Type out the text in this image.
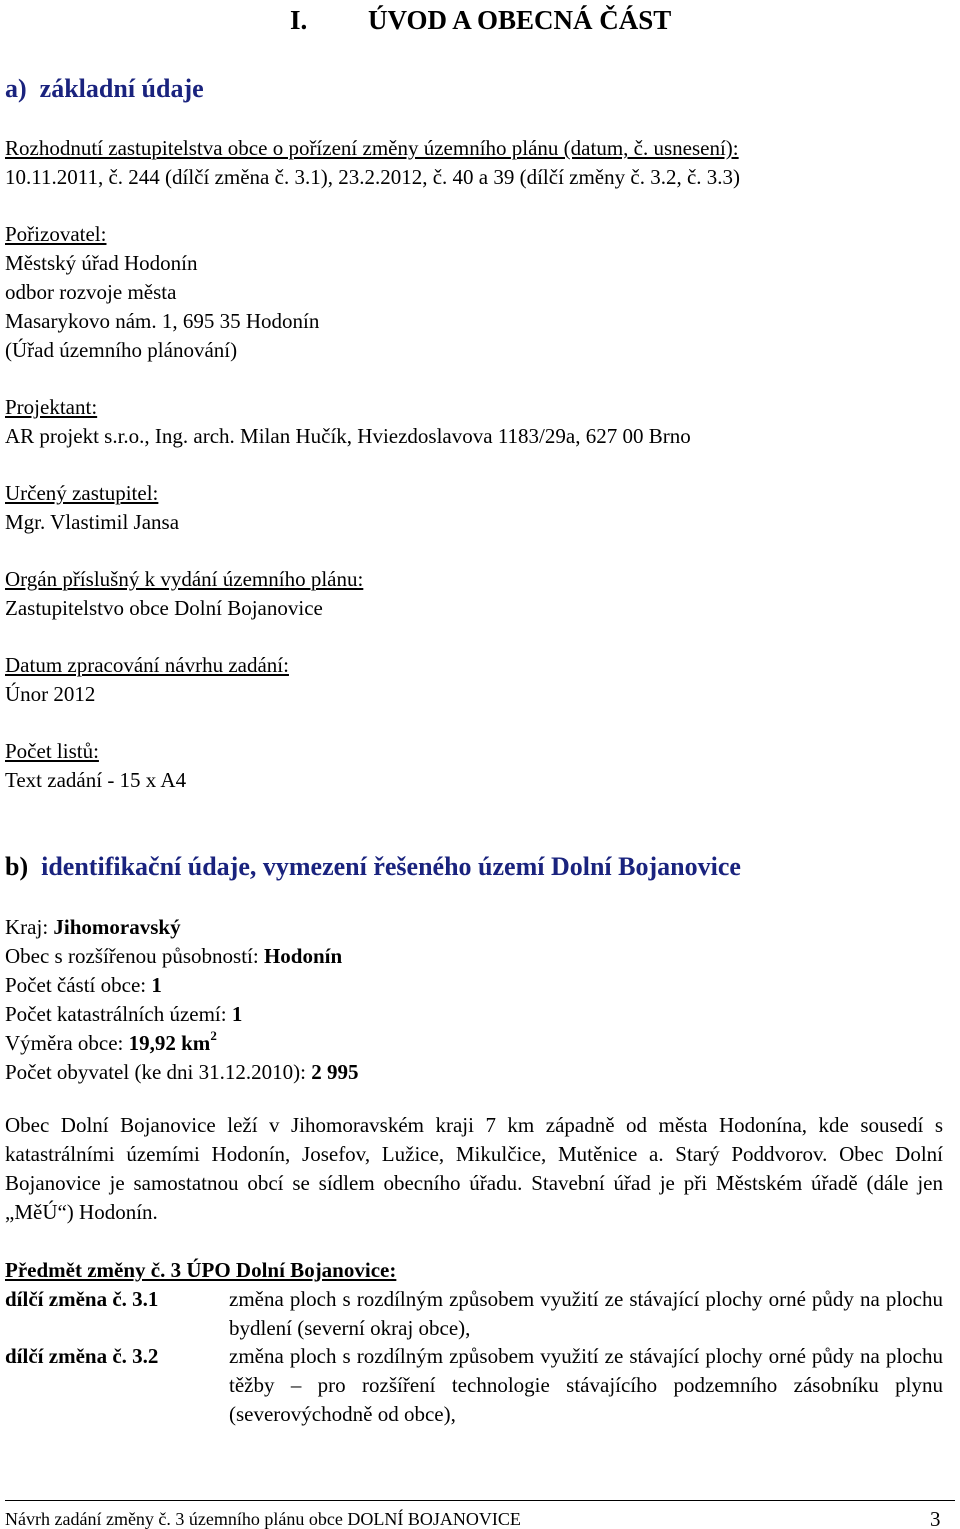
I. ÚVOD A OBECNÁ ČÁST
a) základní údaje
Rozhodnutí zastupitelstva obce o pořízení změny územního plánu (datum, č. usnesení):
10.11.2011, č. 244 (dílčí změna č. 3.1), 23.2.2012, č. 40 a 39 (dílčí změny č. 3.2, č. 3.3)
Pořizovatel:
Městský úřad Hodonín
odbor rozvoje města
Masarykovo nám. 1, 695 35 Hodonín
(Úřad územního plánování)
Projektant:
AR projekt s.r.o., Ing. arch. Milan Hučík, Hviezdoslavova 1183/29a, 627 00 Brno
Určený zastupitel:
Mgr. Vlastimil Jansa
Orgán příslušný k vydání územního plánu:
Zastupitelstvo obce Dolní Bojanovice
Datum zpracování návrhu zadání:
Únor 2012
Počet listů:
Text zadání - 15 x A4
b) identifikační údaje, vymezení řešeného území Dolní Bojanovice
Kraj: Jihomoravský
Obec s rozšířenou působností: Hodonín
Počet částí obce: 1
Počet katastrálních území: 1
Výměra obce: 19,92 $km^2$
Počet obyvatel (ke dni 31.12.2010): 2 995
Obec Dolní Bojanovice leží v Jihomoravském kraji 7 km západně od města Hodonína, kde sousedí s katastrálními územími Hodonín, Josefov, Lužice, Mikulčice, Mutěnice a. Starý Poddvorov. Obec Dolní Bojanovice je samostatnou obcí se sídlem obecního úřadu. Stavební úřad je při Městském úřadě (dále jen „MěÚ“) Hodonín.
Předmět změny č. 3 ÚPO Dolní Bojanovice:
dílčí změna č. 3.1	změna ploch s rozdílným způsobem využití ze stávající plochy orné půdy na plochu bydlení (severní okraj obce),
dílčí změna č. 3.2	změna ploch s rozdílným způsobem využití ze stávající plochy orné půdy na plochu těžby – pro rozšíření technologie stávajícího podzemního zásobníku plynu (severovýchodně od obce),
Návrh zadání změny č. 3 územního plánu obce DOLNÍ BOJANOVICE	3
